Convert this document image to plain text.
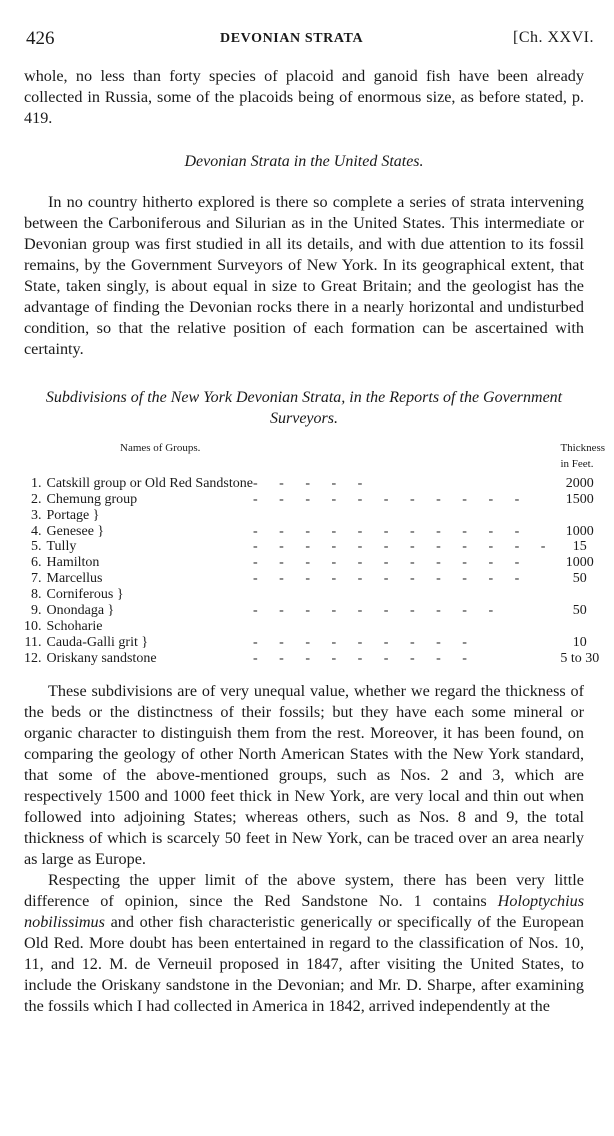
426	DEVONIAN STRATA	[Ch. XXVI.

whole, no less than forty species of placoid and ganoid fish have been already collected in Russia, some of the placoids being of enormous size, as before stated, p. 419.

Devonian Strata in the United States.

In no country hitherto explored is there so complete a series of strata intervening between the Carboniferous and Silurian as in the United States. This intermediate or Devonian group was first studied in all its details, and with due attention to its fossil remains, by the Government Surveyors of New York. In its geographical extent, that State, taken singly, is about equal in size to Great Britain; and the geologist has the advantage of finding the Devonian rocks there in a nearly horizontal and undisturbed condition, so that the relative position of each formation can be ascertained with certainty.

Subdivisions of the New York Devonian Strata, in the Reports of the Government Surveyors.
Names of Groups.			Thickness in Feet.
1.	Catskill group or Old Red Sandstone	- - - - -	2000
2.	Chemung group	- - - - - - - - - - -	1500
3.	Portage }		
4.	Genesee }	- - - - - - - - - - -	1000
5.	Tully	- - - - - - - - - - - -	15
6.	Hamilton	- - - - - - - - - - -	1000
7.	Marcellus	- - - - - - - - - - -	50
8.	Corniferous }		
9.	Onondaga }	- - - - - - - - - -	50
10.	Schoharie		
11.	Cauda-Galli grit }	- - - - - - - - -	10
12.	Oriskany sandstone	- - - - - - - - -	5 to 30

These subdivisions are of very unequal value, whether we regard the thickness of the beds or the distinctness of their fossils; but they have each some mineral or organic character to distinguish them from the rest. Moreover, it has been found, on comparing the geology of other North American States with the New York standard, that some of the above-mentioned groups, such as Nos. 2 and 3, which are respectively 1500 and 1000 feet thick in New York, are very local and thin out when followed into adjoining States; whereas others, such as Nos. 8 and 9, the total thickness of which is scarcely 50 feet in New York, can be traced over an area nearly as large as Europe.

Respecting the upper limit of the above system, there has been very little difference of opinion, since the Red Sandstone No. 1 contains Holoptychius nobilissimus and other fish characteristic generically or specifically of the European Old Red. More doubt has been entertained in regard to the classification of Nos. 10, 11, and 12. M. de Verneuil proposed in 1847, after visiting the United States, to include the Oriskany sandstone in the Devonian; and Mr. D. Sharpe, after examining the fossils which I had collected in America in 1842, arrived independently at the
